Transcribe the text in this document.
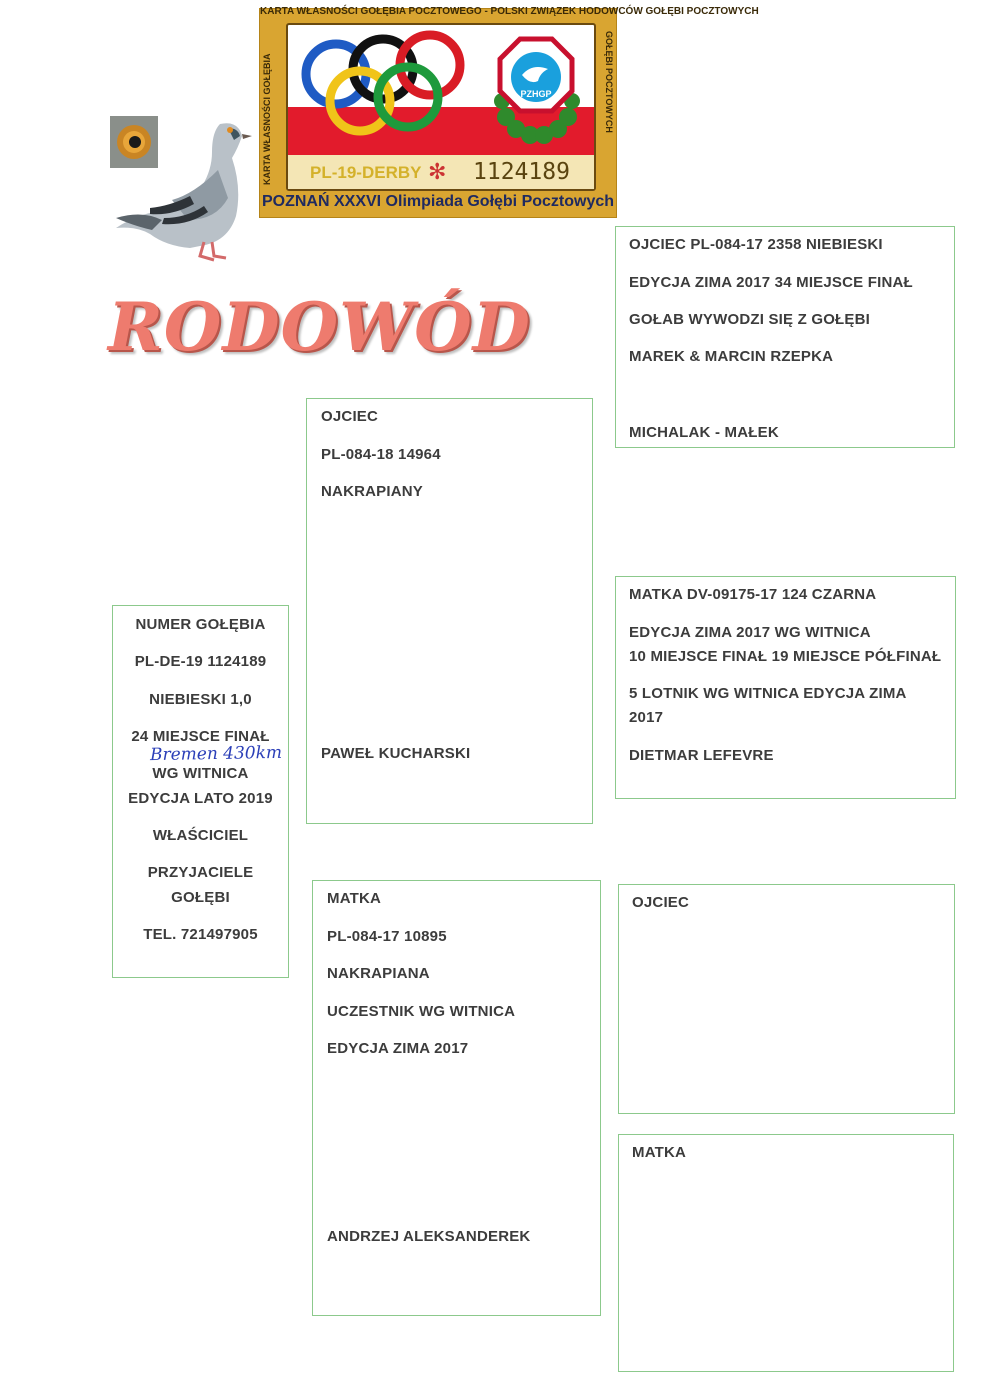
KARTA WŁASNOŚCI GOŁĘBIA POCZTOWEGO - POLSKI ZWIĄZEK HODOWCÓW GOŁĘBI POCZTOWYCH
KARTA WŁASNOŚCI GOŁĘBIA	GOŁĘBI POCZTOWYCH
PZHGP
PL-19-DERBY ✻ 1124189
POZNAŃ XXXVI Olimpiada Gołębi Pocztowych
RODOWÓD
NUMER GOŁĘBIA
PL-DE-19 1124189
NIEBIESKI 1,0
24 MIEJSCE FINAŁ
WG WITNICA
EDYCJA LATO 2019
WŁAŚCICIEL
PRZYJACIELE
GOŁĘBI
TEL. 721497905
Bremen 430km
OJCIEC
PL-084-18 14964
NAKRAPIANY
PAWEŁ KUCHARSKI
MATKA
PL-084-17 10895
NAKRAPIANA
UCZESTNIK WG WITNICA
EDYCJA ZIMA 2017
ANDRZEJ ALEKSANDEREK
OJCIEC PL-084-17 2358 NIEBIESKI
EDYCJA ZIMA 2017 34 MIEJSCE FINAŁ
GOŁAB WYWODZI SIĘ Z GOŁĘBI
MAREK & MARCIN RZEPKA
MICHALAK - MAŁEK
MATKA DV-09175-17 124 CZARNA
EDYCJA ZIMA 2017 WG WITNICA
10 MIEJSCE FINAŁ 19 MIEJSCE PÓŁFINAŁ
5 LOTNIK WG WITNICA EDYCJA ZIMA
2017
DIETMAR LEFEVRE
OJCIEC
MATKA
